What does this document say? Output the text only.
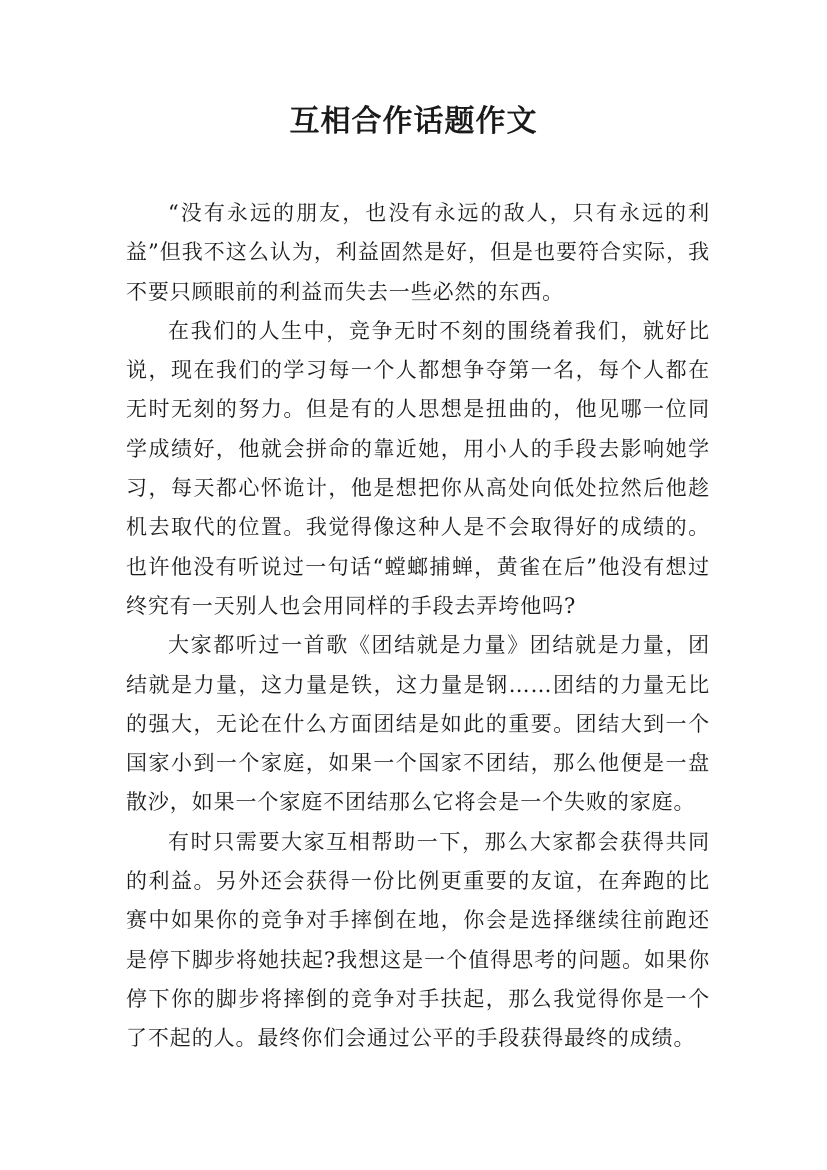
互相合作话题作文

“没有永远的朋友，也没有永远的敌人，只有永远的利益”但我不这么认为，利益固然是好，但是也要符合实际，我不要只顾眼前的利益而失去一些必然的东西。

在我们的人生中，竞争无时不刻的围绕着我们，就好比说，现在我们的学习每一个人都想争夺第一名，每个人都在无时无刻的努力。但是有的人思想是扭曲的，他见哪一位同学成绩好，他就会拼命的靠近她，用小人的手段去影响她学习，每天都心怀诡计，他是想把你从高处向低处拉然后他趁机去取代的位置。我觉得像这种人是不会取得好的成绩的。也许他没有听说过一句话“螳螂捕蝉，黄雀在后”他没有想过终究有一天别人也会用同样的手段去弄垮他吗?

大家都听过一首歌《团结就是力量》团结就是力量，团结就是力量，这力量是铁，这力量是钢……团结的力量无比的强大，无论在什么方面团结是如此的重要。团结大到一个国家小到一个家庭，如果一个国家不团结，那么他便是一盘散沙，如果一个家庭不团结那么它将会是一个失败的家庭。

有时只需要大家互相帮助一下，那么大家都会获得共同的利益。另外还会获得一份比例更重要的友谊，在奔跑的比赛中如果你的竞争对手摔倒在地，你会是选择继续往前跑还是停下脚步将她扶起?我想这是一个值得思考的问题。如果你停下你的脚步将摔倒的竞争对手扶起，那么我觉得你是一个了不起的人。最终你们会通过公平的手段获得最终的成绩。
